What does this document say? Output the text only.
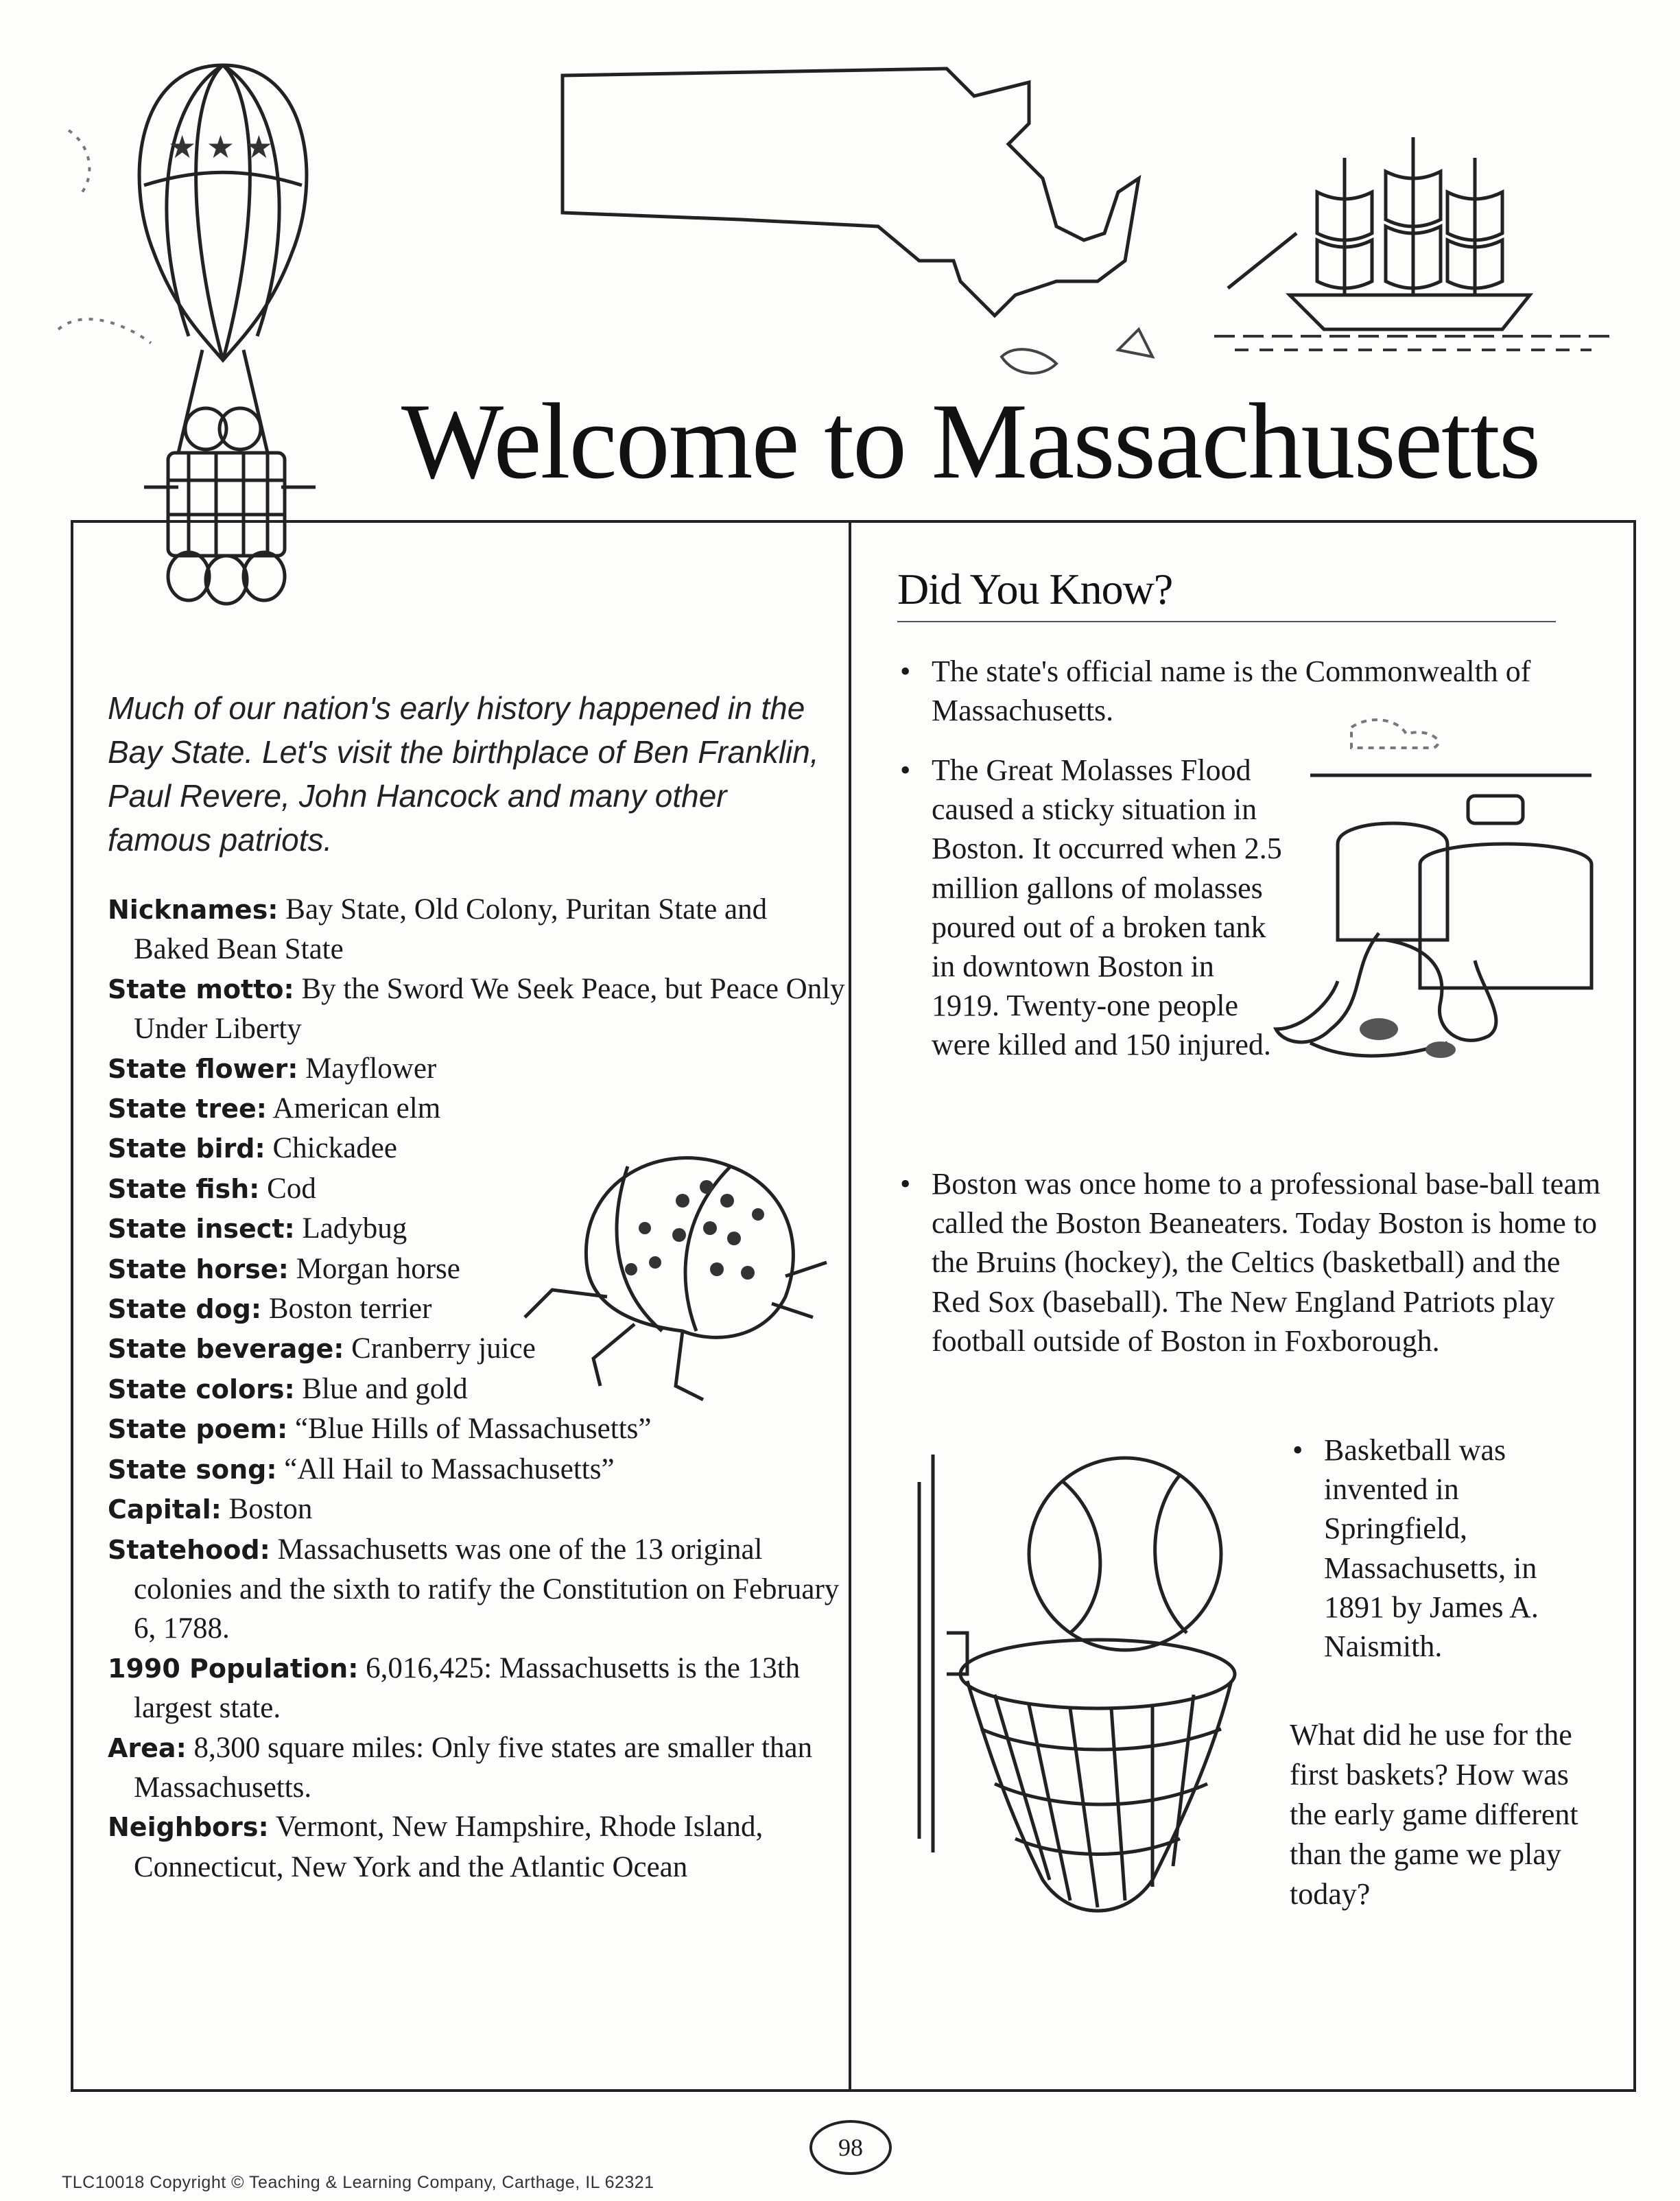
★ ★ ★
Welcome to Massachusetts

Much of our nation's early history happened in the Bay State. Let's visit the birthplace of Ben Franklin, Paul Revere, John Hancock and many other famous patriots.

Nicknames: Bay State, Old Colony, Puritan State and Baked Bean State
State motto: By the Sword We Seek Peace, but Peace Only Under Liberty
State flower: Mayflower
State tree: American elm
State bird: Chickadee
State fish: Cod
State insect: Ladybug
State horse: Morgan horse
State dog: Boston terrier
State beverage: Cranberry juice
State colors: Blue and gold
State poem: “Blue Hills of Massachusetts”
State song: “All Hail to Massachusetts”
Capital: Boston
Statehood: Massachusetts was one of the 13 original colonies and the sixth to ratify the Constitution on February 6, 1788.
1990 Population: 6,016,425: Massachusetts is the 13th largest state.
Area: 8,300 square miles: Only five states are smaller than Massachusetts.
Neighbors: Vermont, New Hampshire, Rhode Island, Connecticut, New York and the Atlantic Ocean
Did You Know?
• The state's official name is the Commonwealth of Massachusetts.
• The Great Molasses Flood caused a sticky situation in Boston. It occurred when 2.5 million gallons of molasses poured out of a broken tank in downtown Boston in 1919. Twenty-one people were killed and 150 injured.
• Boston was once home to a professional base-ball team called the Boston Beaneaters. Today Boston is home to the Bruins (hockey), the Celtics (basketball) and the Red Sox (baseball). The New England Patriots play football outside of Boston in Foxborough.
• Basketball was invented in Springfield, Massachusetts, in 1891 by James A. Naismith.

What did he use for the first baskets? How was the early game different than the game we play today?

98

TLC10018 Copyright © Teaching & Learning Company, Carthage, IL 62321
